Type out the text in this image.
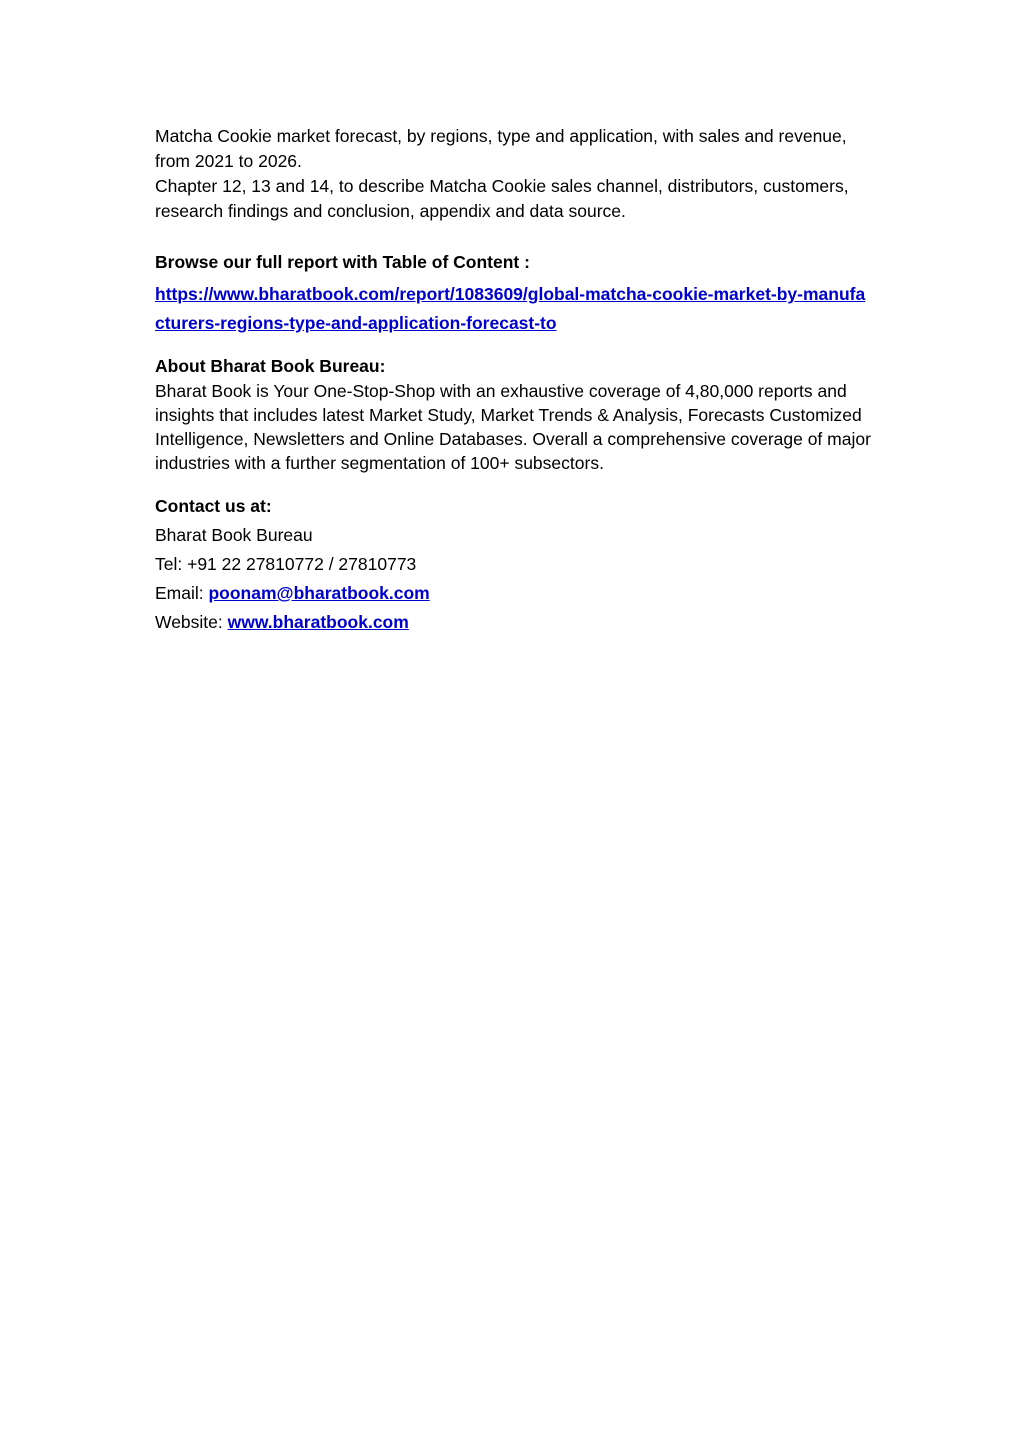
Matcha Cookie market forecast, by regions, type and application, with sales and revenue, from 2021 to 2026.

Chapter 12, 13 and 14, to describe Matcha Cookie sales channel, distributors, customers, research findings and conclusion, appendix and data source.

Browse our full report with Table of Content :

https://www.bharatbook.com/report/1083609/global-matcha-cookie-market-by-manufacturers-regions-type-and-application-forecast-to

About Bharat Book Bureau:

Bharat Book is Your One-Stop-Shop with an exhaustive coverage of 4,80,000 reports and insights that includes latest Market Study, Market Trends & Analysis, Forecasts Customized Intelligence, Newsletters and Online Databases. Overall a comprehensive coverage of major industries with a further segmentation of 100+ subsectors.

Contact us at:

Bharat Book Bureau

Tel: +91 22 27810772 / 27810773

Email: poonam@bharatbook.com

Website: www.bharatbook.com
